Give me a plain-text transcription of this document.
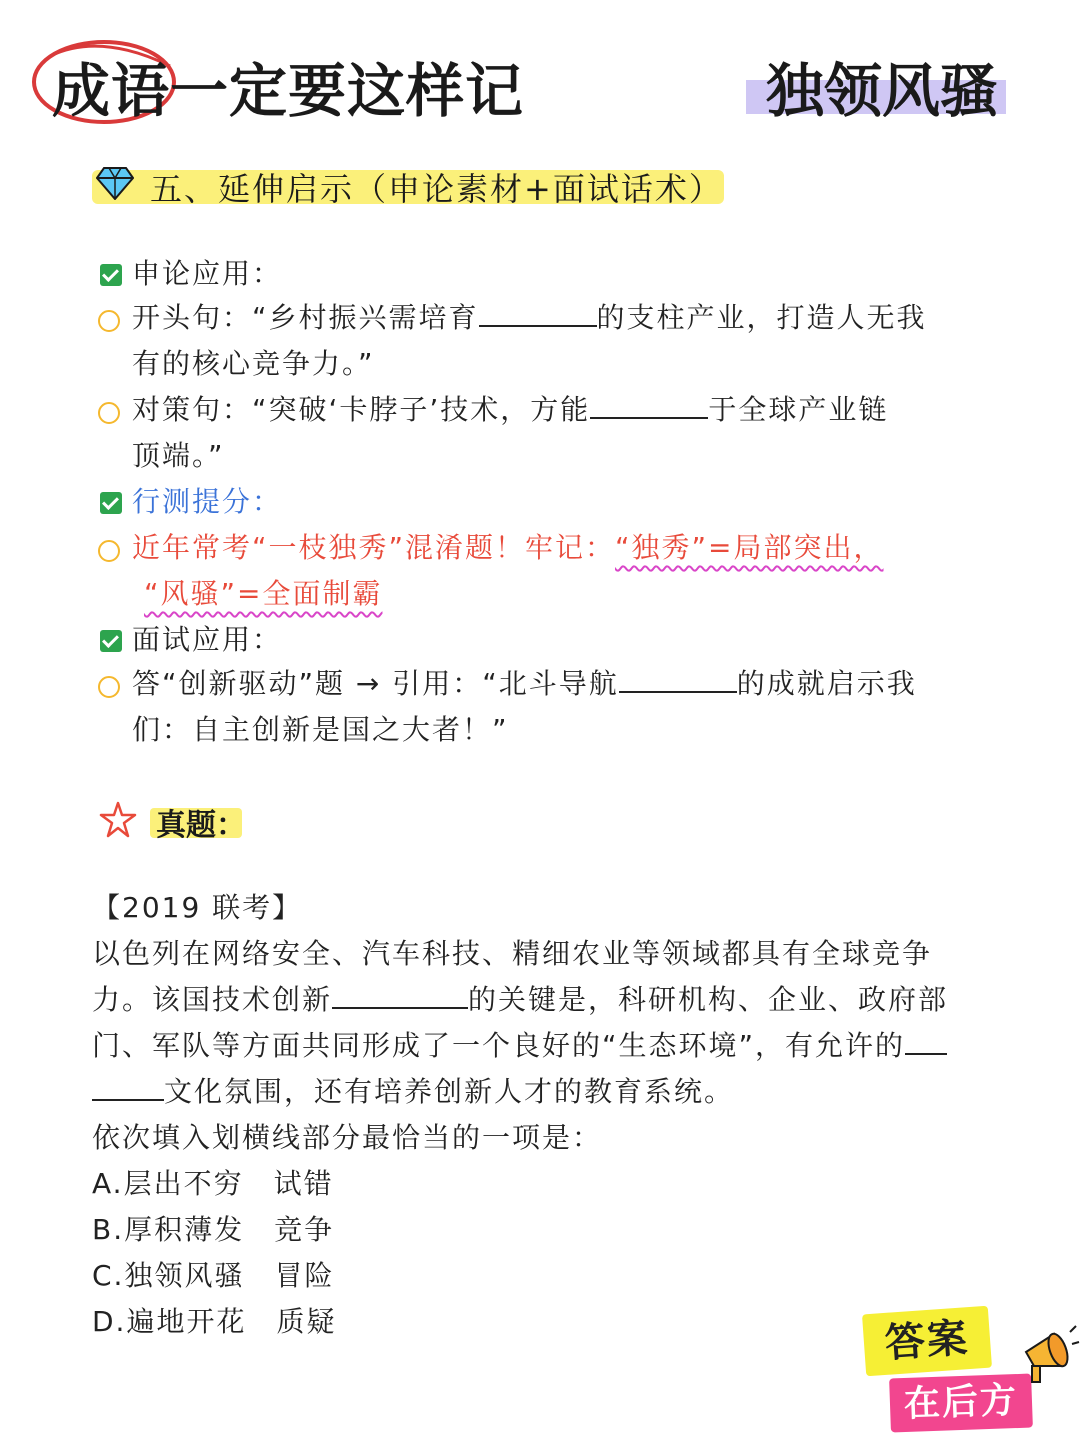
成语一定要这样记	独领风骚
五、延伸启示（申论素材+面试话术）
申论应用：
开头句：“乡村振兴需培育	的支柱产业，打造人无我
有的核心竞争力。”
对策句：“突破‘卡脖子’技术，方能	于全球产业链
顶端。”
行测提分：
近年常考“一枝独秀”混淆题！牢记：“独秀”=局部突出，
“风骚”=全面制霸
面试应用：
答“创新驱动”题 → 引用：“北斗导航	的成就启示我
们：自主创新是国之大者！”
真题：
【2019 联考】
以色列在网络安全、汽车科技、精细农业等领域都具有全球竞争
力。该国技术创新	的关键是，科研机构、企业、政府部
门、军队等方面共同形成了一个良好的“生态环境”，有允许的
文化氛围，还有培养创新人才的教育系统。
依次填入划横线部分最恰当的一项是：
A.层出不穷　试错
B.厚积薄发　竞争
C.独领风骚　冒险
D.遍地开花　质疑	答案
在后方
